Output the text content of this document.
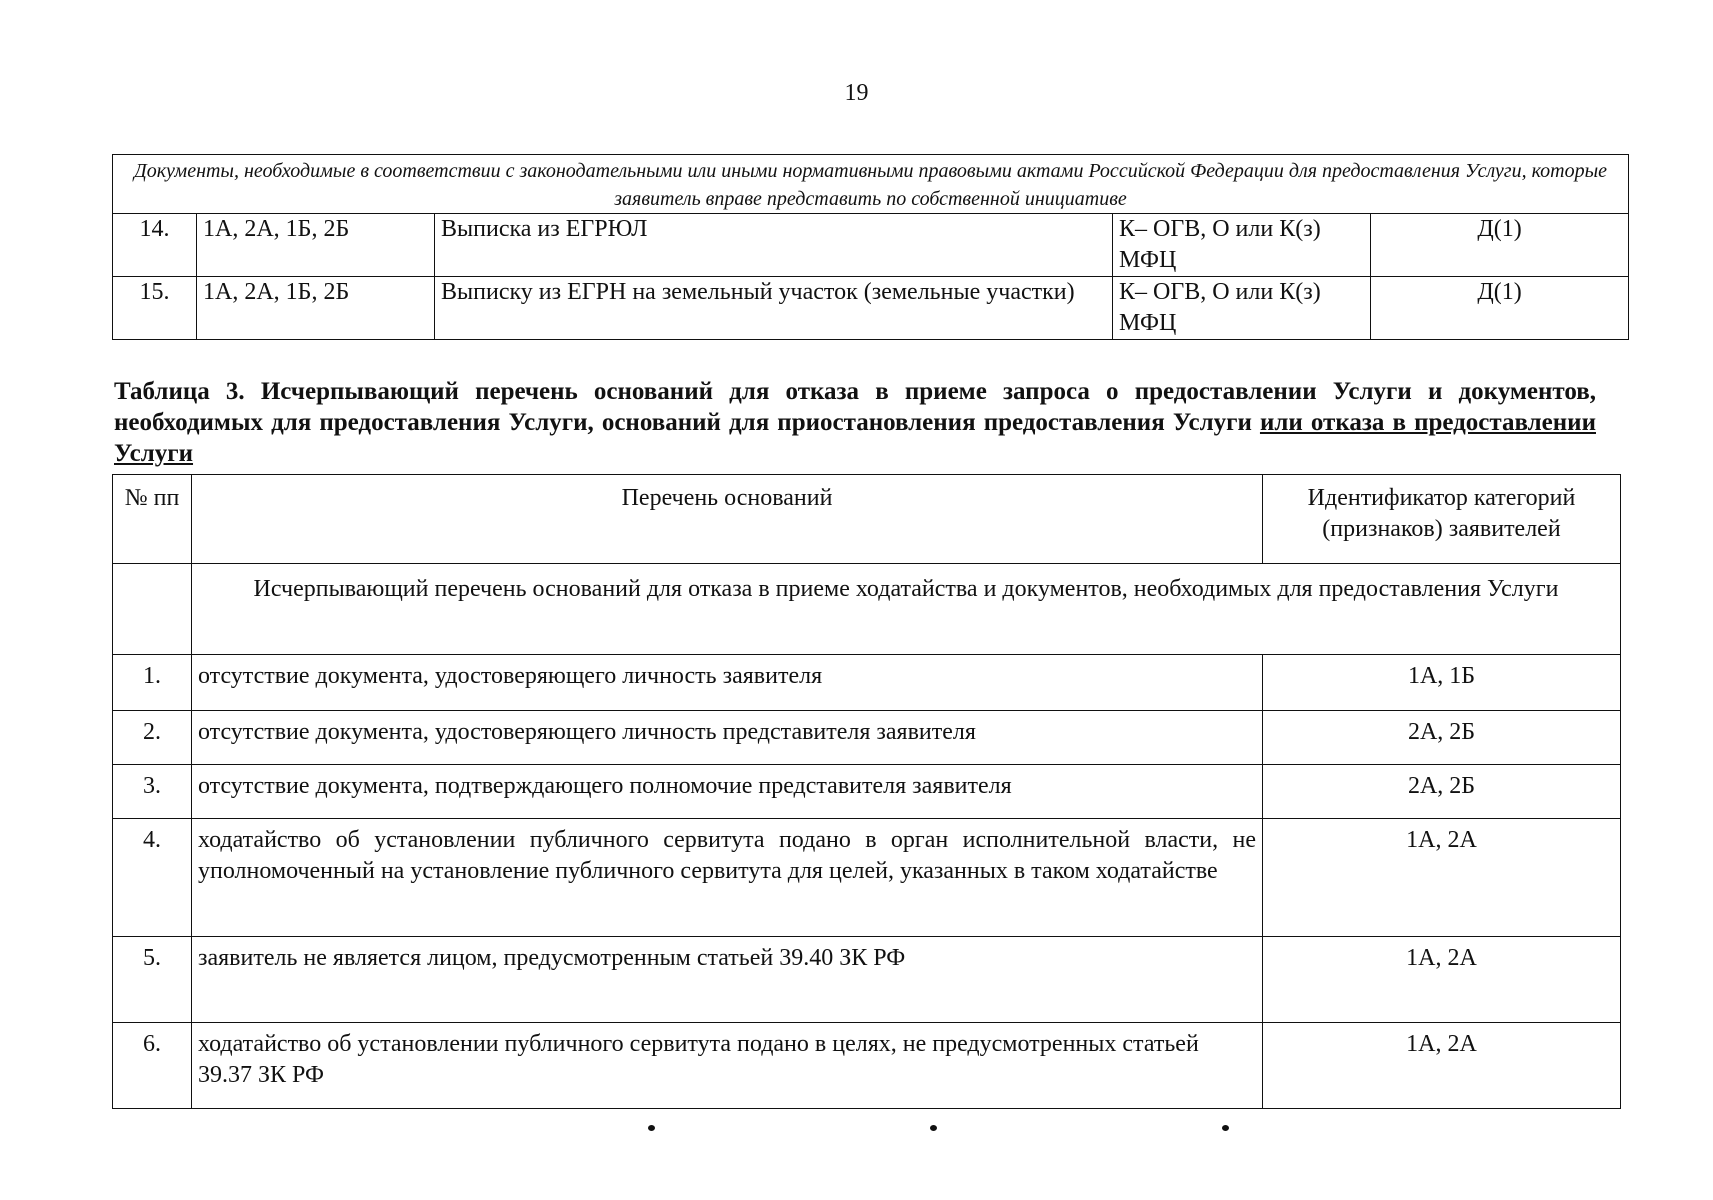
19
Документы, необходимые в соответствии с законодательными или иными нормативными правовыми актами Российской Федерации для предоставления Услуги, которые заявитель вправе представить по собственной инициативе				
14.	1А, 2А, 1Б, 2Б	Выписка из ЕГРЮЛ	К– ОГВ, О или К(з) МФЦ	Д(1)
15.	1А, 2А, 1Б, 2Б	Выписку из ЕГРН на земельный участок (земельные участки)	К– ОГВ, О или К(з) МФЦ	Д(1)
Таблица 3. Исчерпывающий перечень оснований для отказа в приеме запроса о предоставлении Услуги и документов, необходимых для предоставления Услуги, оснований для приостановления предоставления Услуги или отказа в предоставлении Услуги
№ пп	Перечень оснований	Идентификатор категорий (признаков) заявителей
	Исчерпывающий перечень оснований для отказа в приеме ходатайства и документов, необходимых для предоставления Услуги	
1.	отсутствие документа, удостоверяющего личность заявителя	1А, 1Б
2.	отсутствие документа, удостоверяющего личность представителя заявителя	2А, 2Б
3.	отсутствие документа, подтверждающего полномочие представителя заявителя	2А, 2Б
4.	ходатайство об установлении публичного сервитута подано в орган исполнительной власти, не уполномоченный на установление публичного сервитута для целей, указанных в таком ходатайстве	1А, 2А
5.	заявитель не является лицом, предусмотренным статьей 39.40 ЗК РФ	1А, 2А
6.	ходатайство об установлении публичного сервитута подано в целях, не предусмотренных статьей 39.37 ЗК РФ	1А, 2А
